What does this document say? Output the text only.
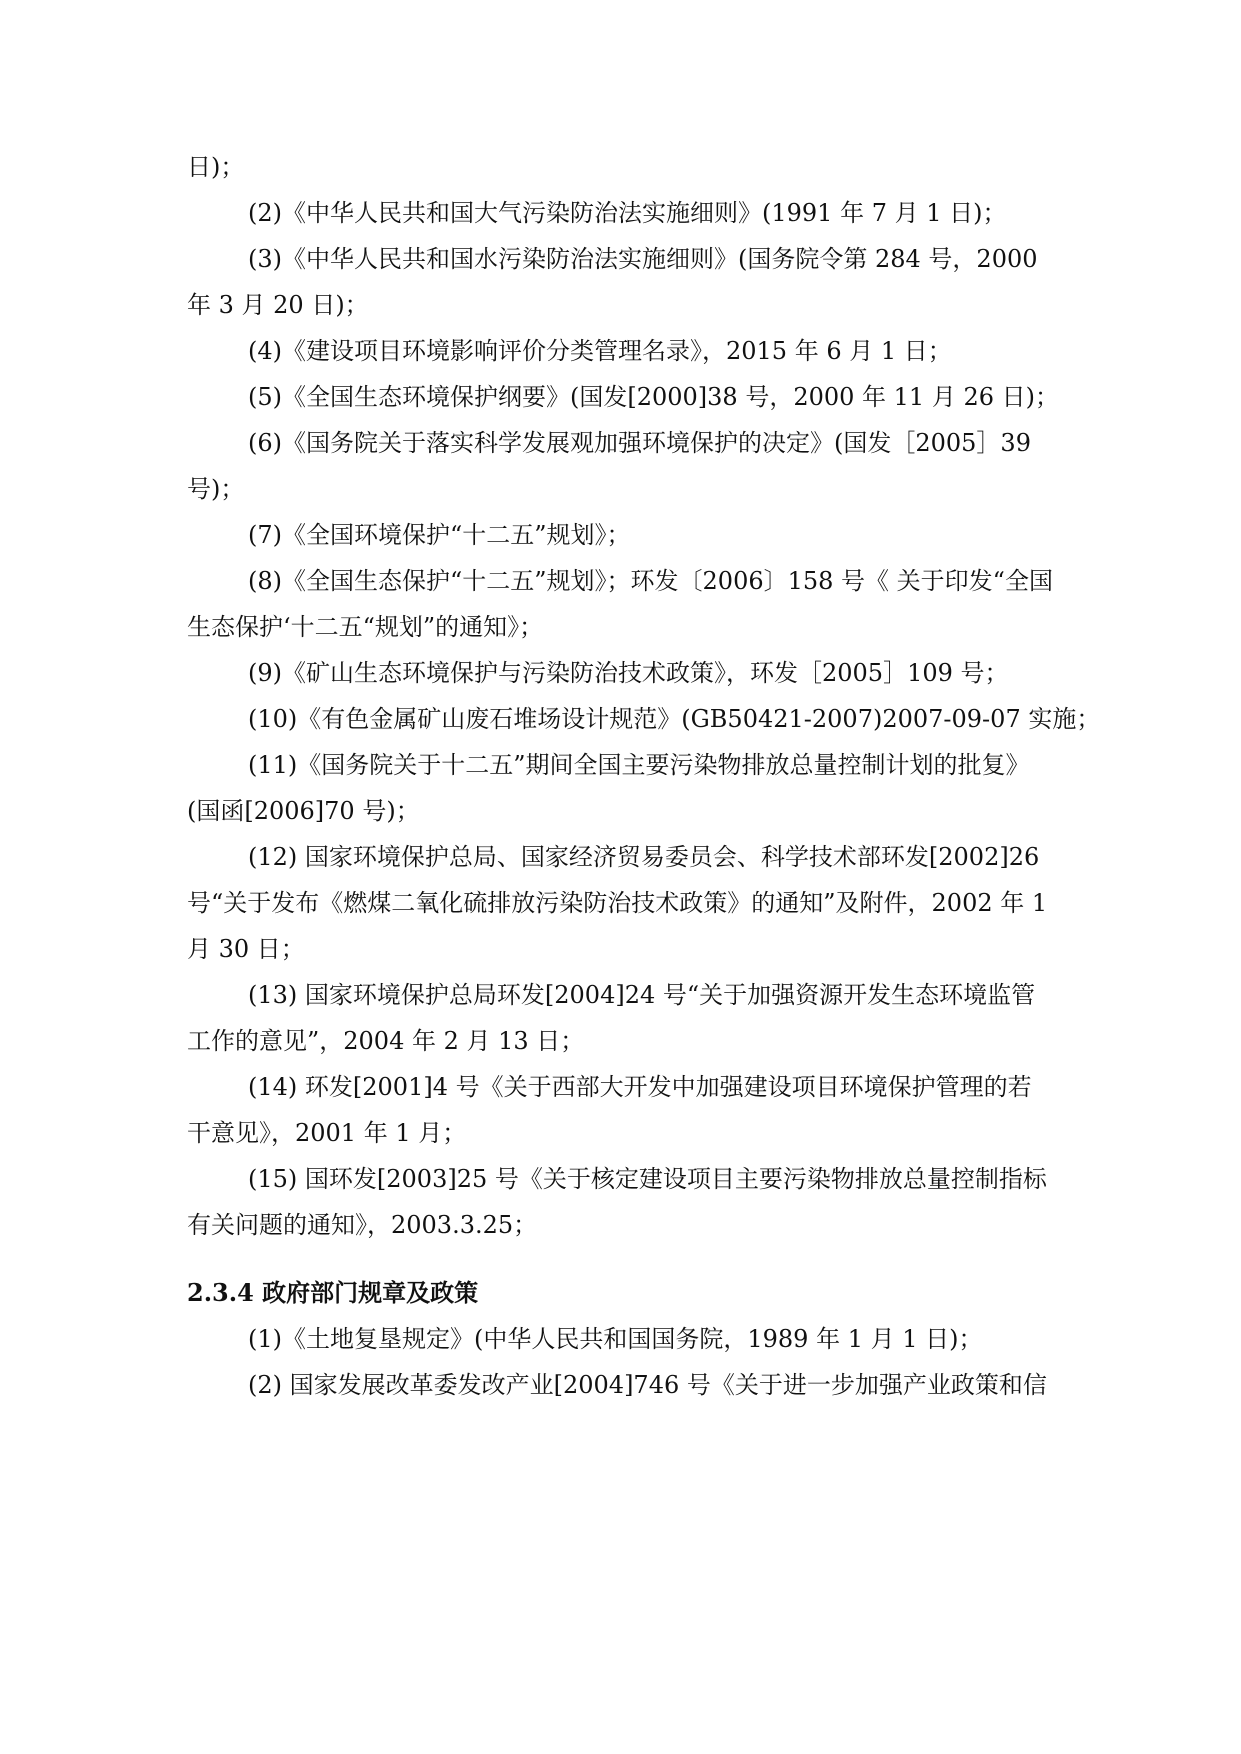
日)；
(2)《中华人民共和国大气污染防治法实施细则》(1991 年 7 月 1 日)；
(3)《中华人民共和国水污染防治法实施细则》(国务院令第 284 号，2000
年 3 月 20 日)；
(4)《建设项目环境影响评价分类管理名录》，2015 年 6 月 1 日；
(5)《全国生态环境保护纲要》(国发[2000]38 号，2000 年 11 月 26 日)；
(6)《国务院关于落实科学发展观加强环境保护的决定》(国发［2005］39
号)；
(7)《全国环境保护“十二五”规划》；
(8)《全国生态保护“十二五”规划》；环发〔2006〕158 号《 关于印发“全国
生态保护‘十二五“规划”的通知》；
(9)《矿山生态环境保护与污染防治技术政策》，环发［2005］109 号；
(10)《有色金属矿山废石堆场设计规范》(GB50421-2007)2007-09-07 实施；
(11)《国务院关于十二五”期间全国主要污染物排放总量控制计划的批复》
(国函[2006]70 号)；
(12) 国家环境保护总局、国家经济贸易委员会、科学技术部环发[2002]26
号“关于发布《燃煤二氧化硫排放污染防治技术政策》的通知”及附件，2002 年 1
月 30 日；
(13) 国家环境保护总局环发[2004]24 号“关于加强资源开发生态环境监管
工作的意见”，2004 年 2 月 13 日；
(14) 环发[2001]4 号《关于西部大开发中加强建设项目环境保护管理的若
干意见》，2001 年 1 月；
(15) 国环发[2003]25 号《关于核定建设项目主要污染物排放总量控制指标
有关问题的通知》，2003.3.25；
2.3.4 政府部门规章及政策
(1)《土地复垦规定》(中华人民共和国国务院，1989 年 1 月 1 日)；
(2) 国家发展改革委发改产业[2004]746 号《关于进一步加强产业政策和信
